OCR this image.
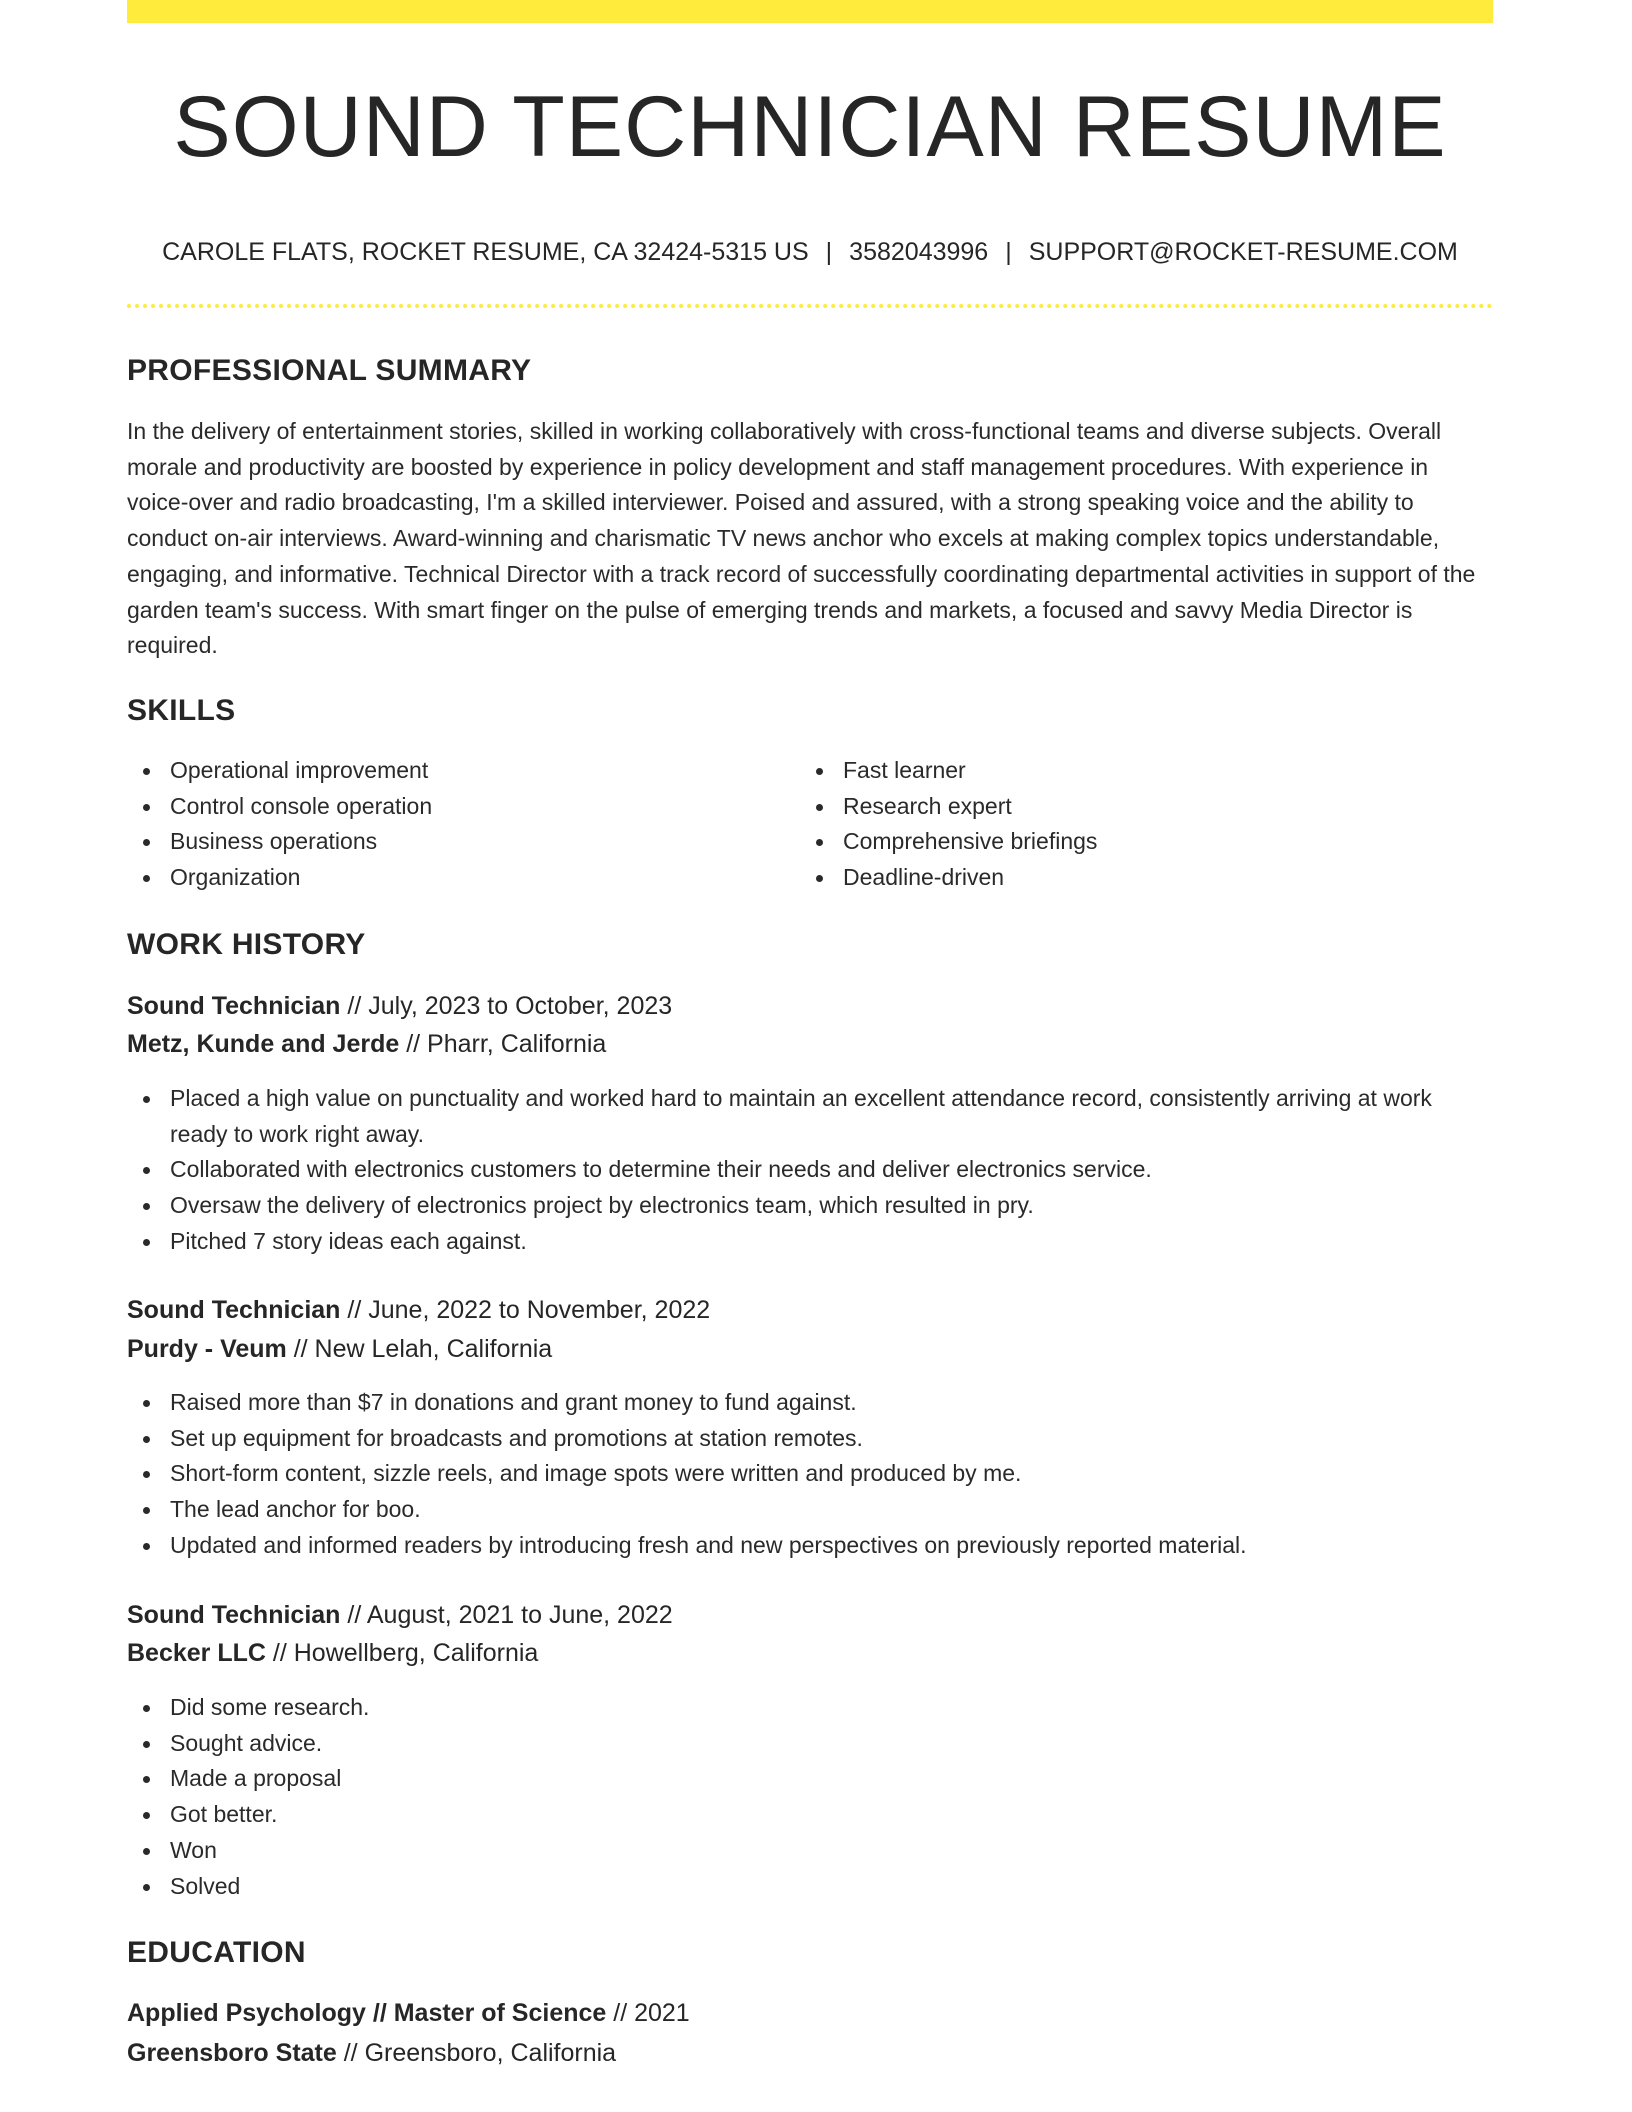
SOUND TECHNICIAN RESUME
CAROLE FLATS, ROCKET RESUME, CA 32424-5315 US | 3582043996 | SUPPORT@ROCKET-RESUME.COM
PROFESSIONAL SUMMARY

In the delivery of entertainment stories, skilled in working collaboratively with cross-functional teams and diverse subjects. Overall morale and productivity are boosted by experience in policy development and staff management procedures. With experience in voice-over and radio broadcasting, I'm a skilled interviewer. Poised and assured, with a strong speaking voice and the ability to conduct on-air interviews. Award-winning and charismatic TV news anchor who excels at making complex topics understandable, engaging, and informative. Technical Director with a track record of successfully coordinating departmental activities in support of the garden team's success. With smart finger on the pulse of emerging trends and markets, a focused and savvy Media Director is required.

SKILLS
Operational improvement
Control console operation
Business operations
Organization
Fast learner
Research expert
Comprehensive briefings
Deadline-driven
WORK HISTORY
Sound Technician // July, 2023 to October, 2023
Metz, Kunde and Jerde // Pharr, California
Placed a high value on punctuality and worked hard to maintain an excellent attendance record, consistently arriving at work ready to work right away.
Collaborated with electronics customers to determine their needs and deliver electronics service.
Oversaw the delivery of electronics project by electronics team, which resulted in pry.
Pitched 7 story ideas each against.
Sound Technician // June, 2022 to November, 2022
Purdy - Veum // New Lelah, California
Raised more than $7 in donations and grant money to fund against.
Set up equipment for broadcasts and promotions at station remotes.
Short-form content, sizzle reels, and image spots were written and produced by me.
The lead anchor for boo.
Updated and informed readers by introducing fresh and new perspectives on previously reported material.
Sound Technician // August, 2021 to June, 2022
Becker LLC // Howellberg, California
Did some research.
Sought advice.
Made a proposal
Got better.
Won
Solved
EDUCATION
Applied Psychology // Master of Science // 2021
Greensboro State // Greensboro, California
